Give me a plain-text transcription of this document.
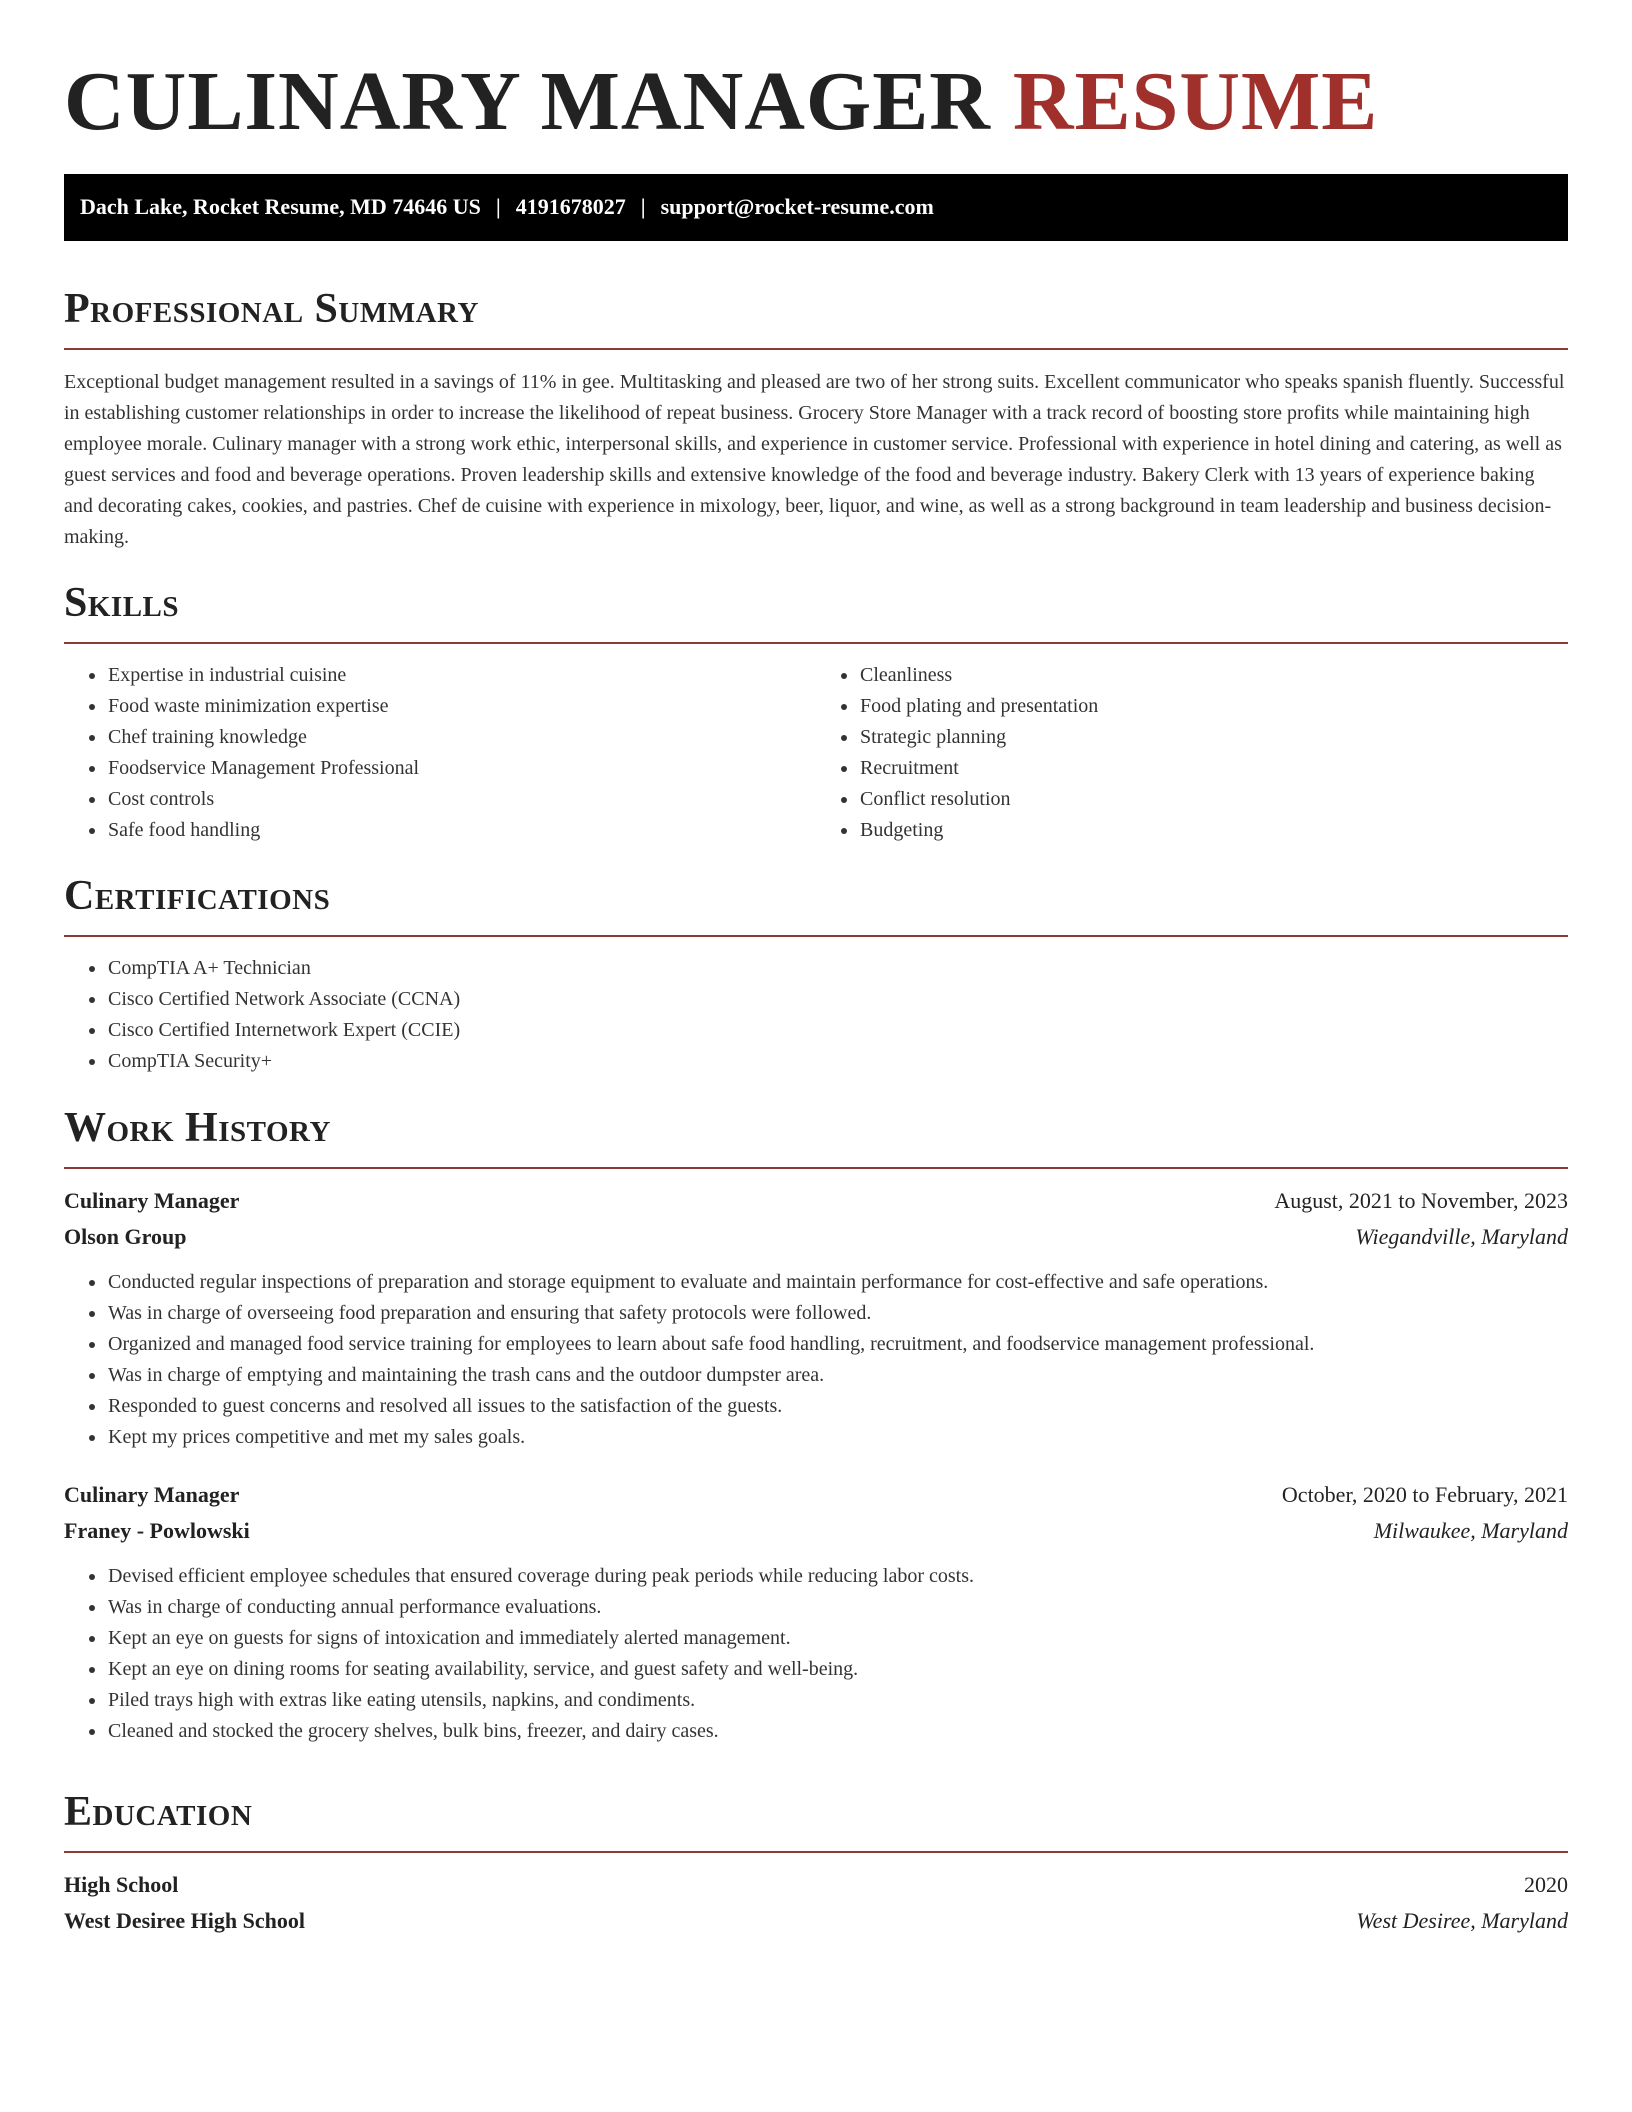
CULINARY MANAGER RESUME
Dach Lake, Rocket Resume, MD 74646 US | 4191678027 | support@rocket-resume.com
Professional Summary

Exceptional budget management resulted in a savings of 11% in gee. Multitasking and pleased are two of her strong suits. Excellent communicator who speaks spanish fluently. Successful in establishing customer relationships in order to increase the likelihood of repeat business. Grocery Store Manager with a track record of boosting store profits while maintaining high employee morale. Culinary manager with a strong work ethic, interpersonal skills, and experience in customer service. Professional with experience in hotel dining and catering, as well as guest services and food and beverage operations. Proven leadership skills and extensive knowledge of the food and beverage industry. Bakery Clerk with 13 years of experience baking and decorating cakes, cookies, and pastries. Chef de cuisine with experience in mixology, beer, liquor, and wine, as well as a strong background in team leadership and business decision-making.

Skills
• Expertise in industrial cuisine
• Food waste minimization expertise
• Chef training knowledge
• Foodservice Management Professional
• Cost controls
• Safe food handling
• Cleanliness
• Food plating and presentation
• Strategic planning
• Recruitment
• Conflict resolution
• Budgeting
Certifications
• CompTIA A+ Technician
• Cisco Certified Network Associate (CCNA)
• Cisco Certified Internetwork Expert (CCIE)
• CompTIA Security+
Work History
Culinary Manager	August, 2021 to November, 2023
Olson Group	Wiegandville, Maryland
• Conducted regular inspections of preparation and storage equipment to evaluate and maintain performance for cost-effective and safe operations.
• Was in charge of overseeing food preparation and ensuring that safety protocols were followed.
• Organized and managed food service training for employees to learn about safe food handling, recruitment, and foodservice management professional.
• Was in charge of emptying and maintaining the trash cans and the outdoor dumpster area.
• Responded to guest concerns and resolved all issues to the satisfaction of the guests.
• Kept my prices competitive and met my sales goals.
Culinary Manager	October, 2020 to February, 2021
Franey - Powlowski	Milwaukee, Maryland
• Devised efficient employee schedules that ensured coverage during peak periods while reducing labor costs.
• Was in charge of conducting annual performance evaluations.
• Kept an eye on guests for signs of intoxication and immediately alerted management.
• Kept an eye on dining rooms for seating availability, service, and guest safety and well-being.
• Piled trays high with extras like eating utensils, napkins, and condiments.
• Cleaned and stocked the grocery shelves, bulk bins, freezer, and dairy cases.
Education
High School	2020
West Desiree High School	West Desiree, Maryland
